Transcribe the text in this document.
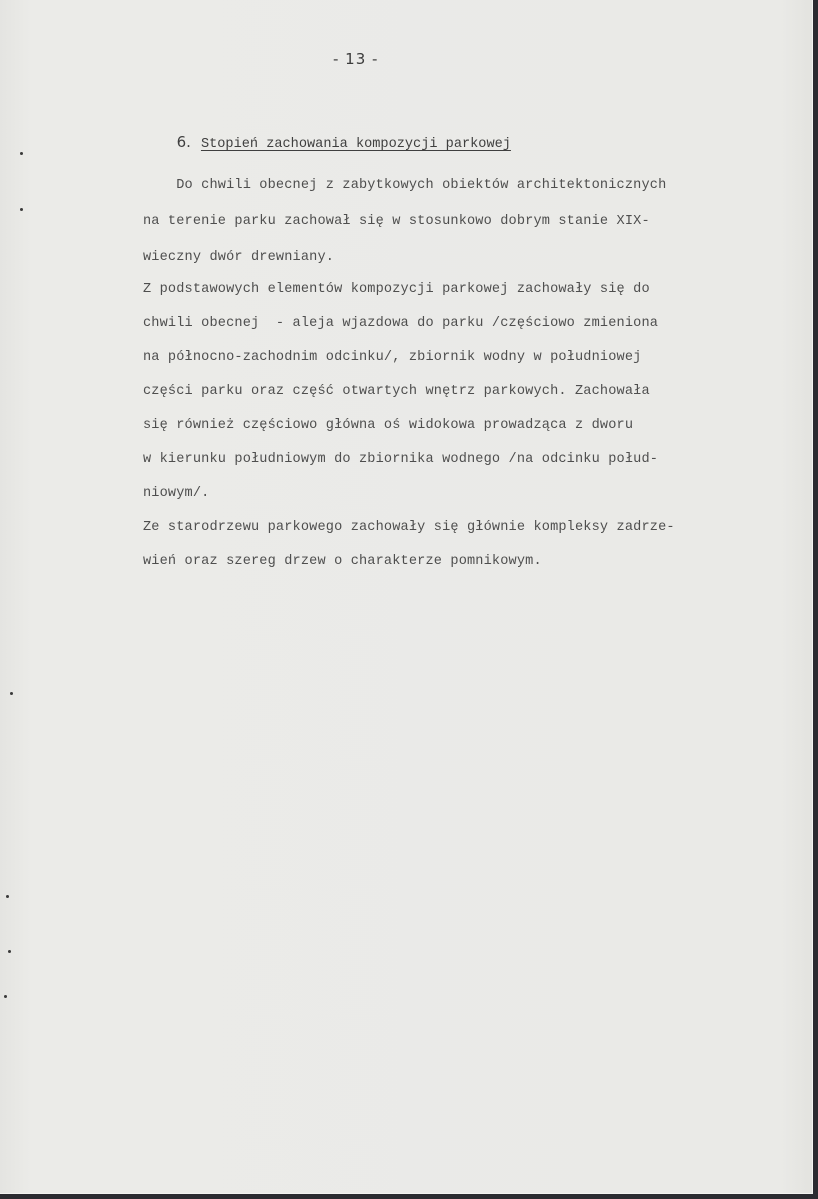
- 13 -

6. Stopień zachowania kompozycji parkowej

Do chwili obecnej z zabytkowych obiektów architektonicznych
na terenie parku zachował się w stosunkowo dobrym stanie XIX-
wieczny dwór drewniany.
Z podstawowych elementów kompozycji parkowej zachowały się do
chwili obecnej  - aleja wjazdowa do parku /częściowo zmieniona
na północno-zachodnim odcinku/, zbiornik wodny w południowej
części parku oraz część otwartych wnętrz parkowych. Zachowała
się również częściowo główna oś widokowa prowadząca z dworu
w kierunku południowym do zbiornika wodnego /na odcinku połud-
niowym/.
Ze starodrzewu parkowego zachowały się głównie kompleksy zadrze-
wień oraz szereg drzew o charakterze pomnikowym.
